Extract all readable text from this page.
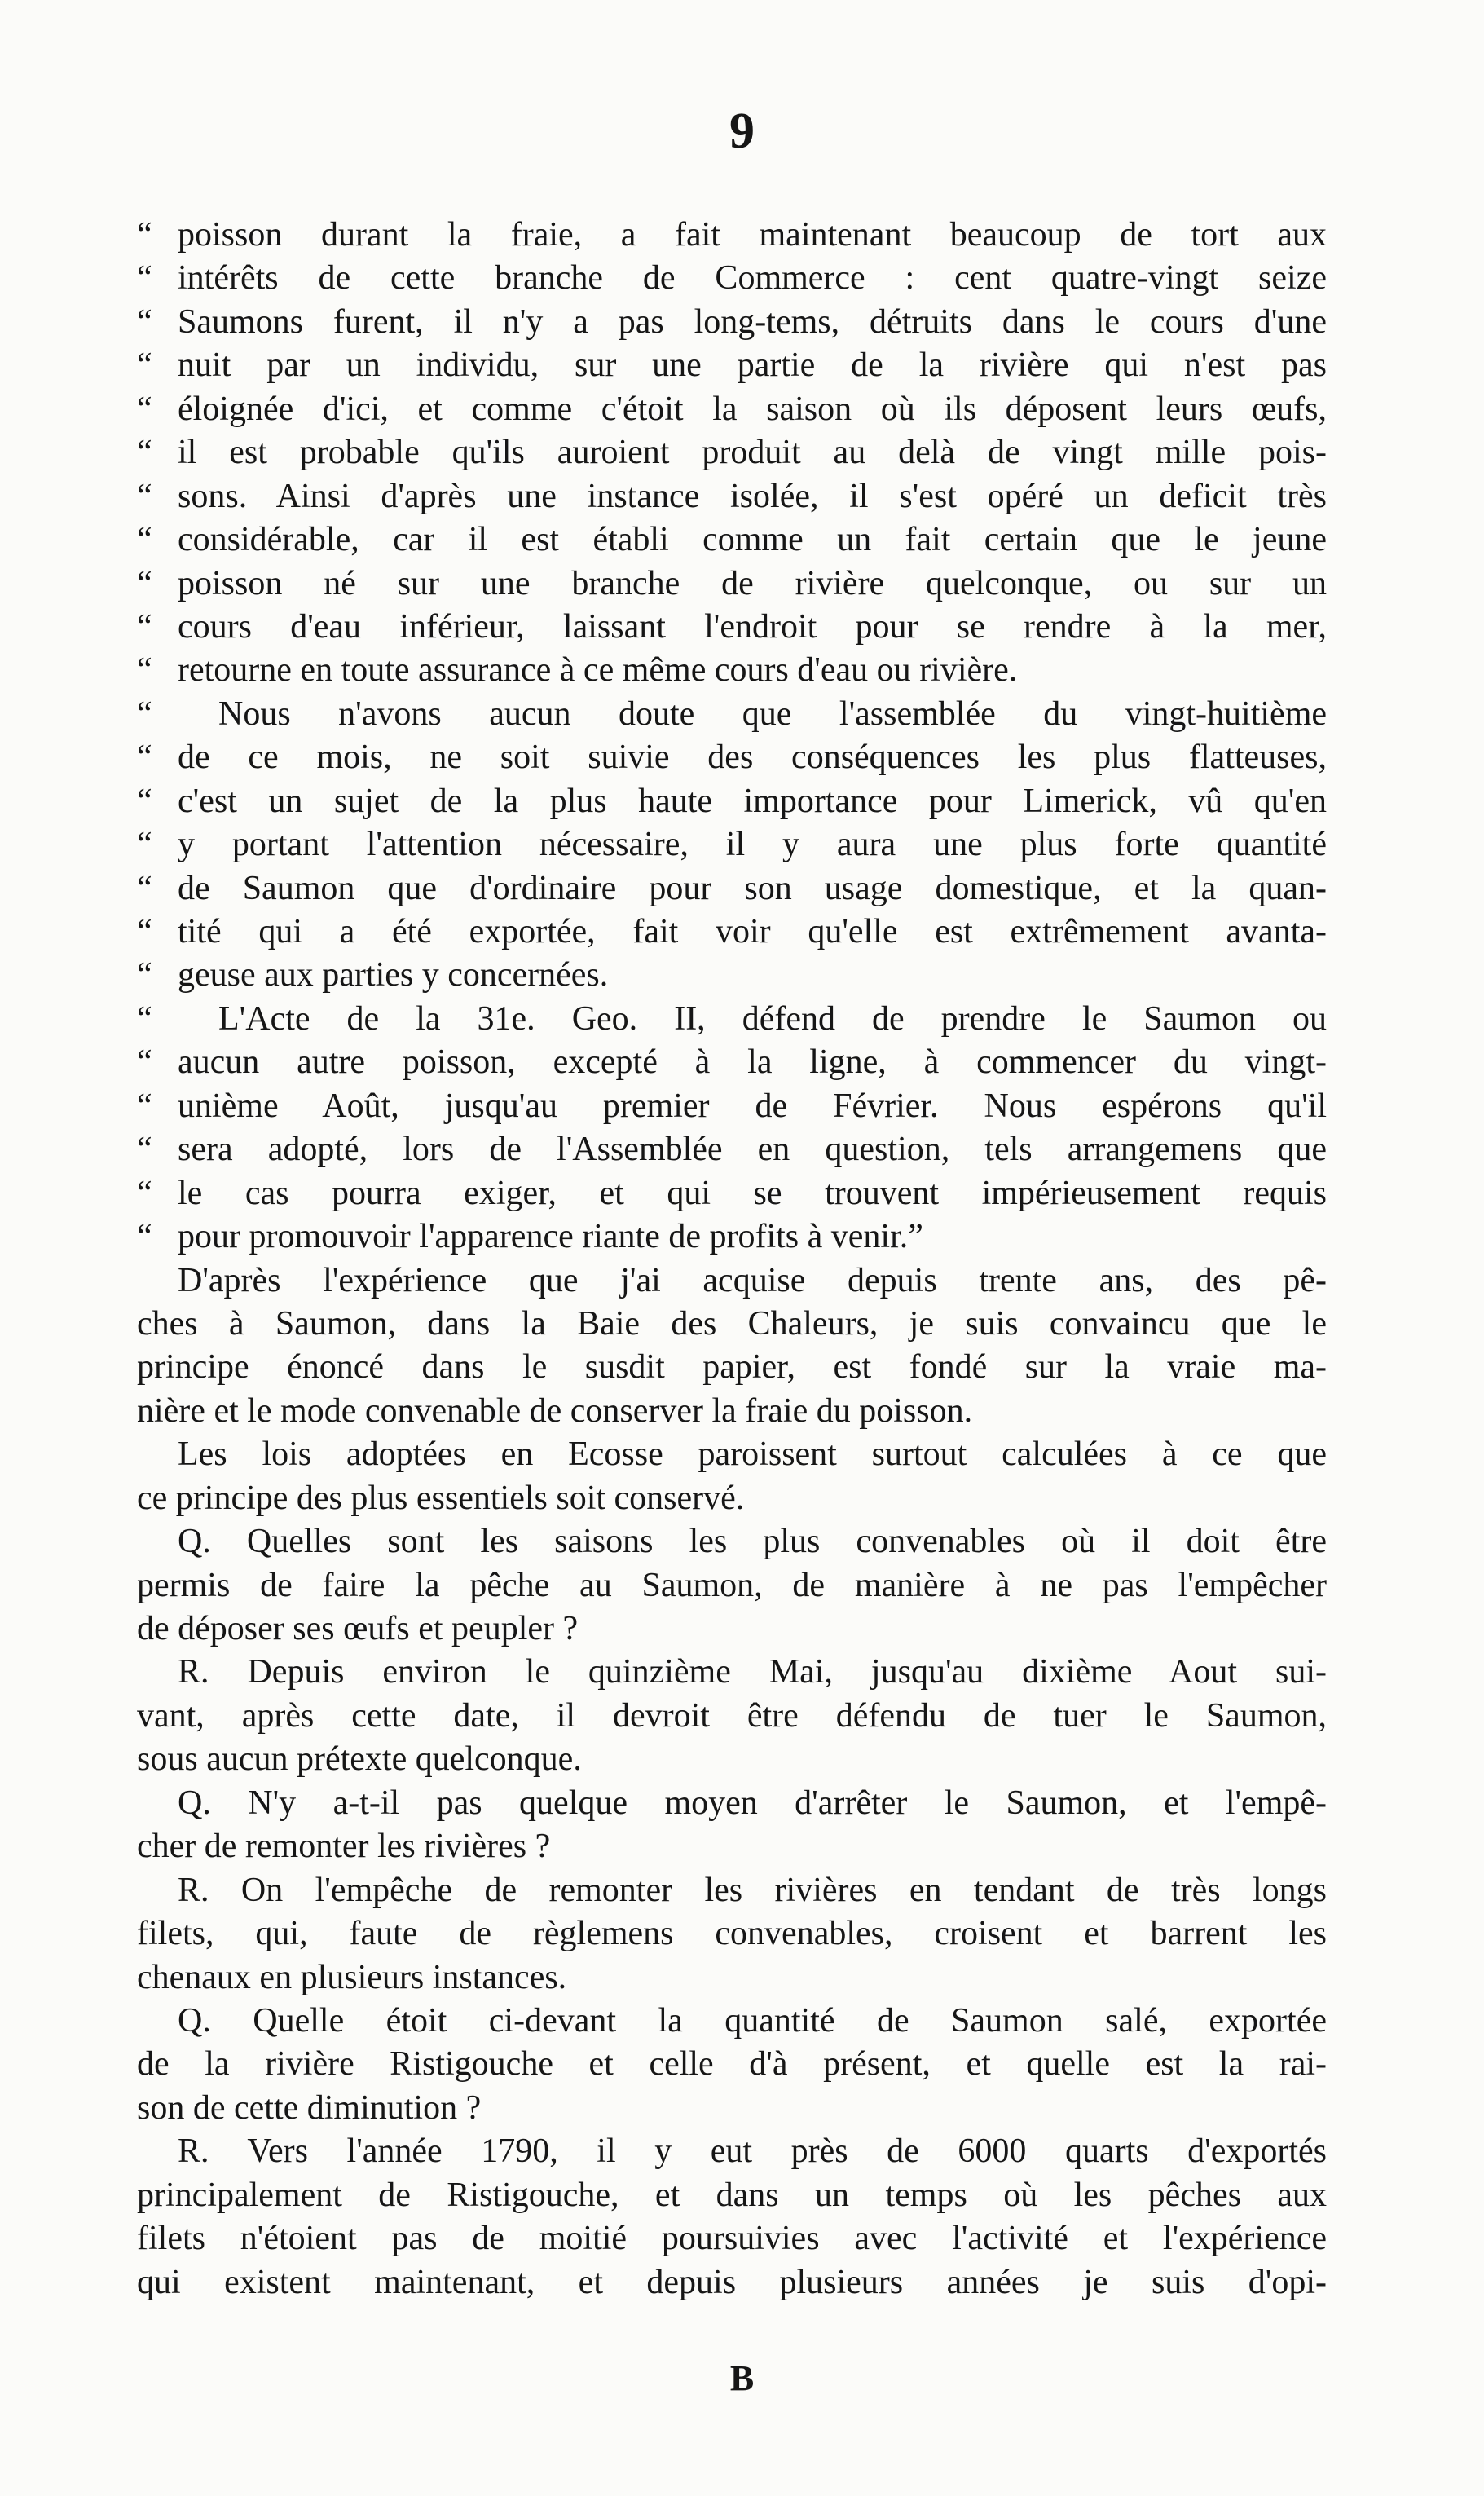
9
“ poisson durant la fraie, a fait maintenant beaucoup de tort aux
“ intérêts de cette branche de Commerce : cent quatre-vingt seize
“ Saumons furent, il n'y a pas long-tems, détruits dans le cours d'une
“ nuit par un individu, sur une partie de la rivière qui n'est pas
“ éloignée d'ici, et comme c'étoit la saison où ils déposent leurs œufs,
“ il est probable qu'ils auroient produit au delà de vingt mille pois-
“ sons. Ainsi d'après une instance isolée, il s'est opéré un deficit très
“ considérable, car il est établi comme un fait certain que le jeune
“ poisson né sur une branche de rivière quelconque, ou sur un
“ cours d'eau inférieur, laissant l'endroit pour se rendre à la mer,
“ retourne en toute assurance à ce même cours d'eau ou rivière.
“	Nous n'avons aucun doute que l'assemblée du vingt-huitième
“ de ce mois, ne soit suivie des conséquences les plus flatteuses,
“ c'est un sujet de la plus haute importance pour Limerick, vû qu'en
“ y portant l'attention nécessaire, il y aura une plus forte quantité
“ de Saumon que d'ordinaire pour son usage domestique, et la quan-
“ tité qui a été exportée, fait voir qu'elle est extrêmement avanta-
“ geuse aux parties y concernées.
“	L'Acte de la 31e. Geo. II, défend de prendre le Saumon ou
“ aucun autre poisson, excepté à la ligne, à commencer du vingt-
“ unième Août, jusqu'au premier de Février. Nous espérons qu'il
“ sera adopté, lors de l'Assemblée en question, tels arrangemens que
“ le cas pourra exiger, et qui se trouvent impérieusement requis
“ pour promouvoir l'apparence riante de profits à venir.”
D'après l'expérience que j'ai acquise depuis trente ans, des pê-
ches à Saumon, dans la Baie des Chaleurs, je suis convaincu que le
principe énoncé dans le susdit papier, est fondé sur la vraie ma-
nière et le mode convenable de conserver la fraie du poisson.
Les lois adoptées en Ecosse paroissent surtout calculées à ce que
ce principe des plus essentiels soit conservé.
Q. Quelles sont les saisons les plus convenables où il doit être
permis de faire la pêche au Saumon, de manière à ne pas l'empêcher
de déposer ses œufs et peupler ?
R. Depuis environ le quinzième Mai, jusqu'au dixième Aout sui-
vant, après cette date, il devroit être défendu de tuer le Saumon,
sous aucun prétexte quelconque.
Q. N'y a-t-il pas quelque moyen d'arrêter le Saumon, et l'empê-
cher de remonter les rivières ?
R. On l'empêche de remonter les rivières en tendant de très longs
filets, qui, faute de règlemens convenables, croisent et barrent les
chenaux en plusieurs instances.
Q. Quelle étoit ci-devant la quantité de Saumon salé, exportée
de la rivière Ristigouche et celle d'à présent, et quelle est la rai-
son de cette diminution ?
R. Vers l'année 1790, il y eut près de 6000 quarts d'exportés
principalement de Ristigouche, et dans un temps où les pêches aux
filets n'étoient pas de moitié poursuivies avec l'activité et l'expérience
qui existent maintenant, et depuis plusieurs années je suis d'opi-
B
